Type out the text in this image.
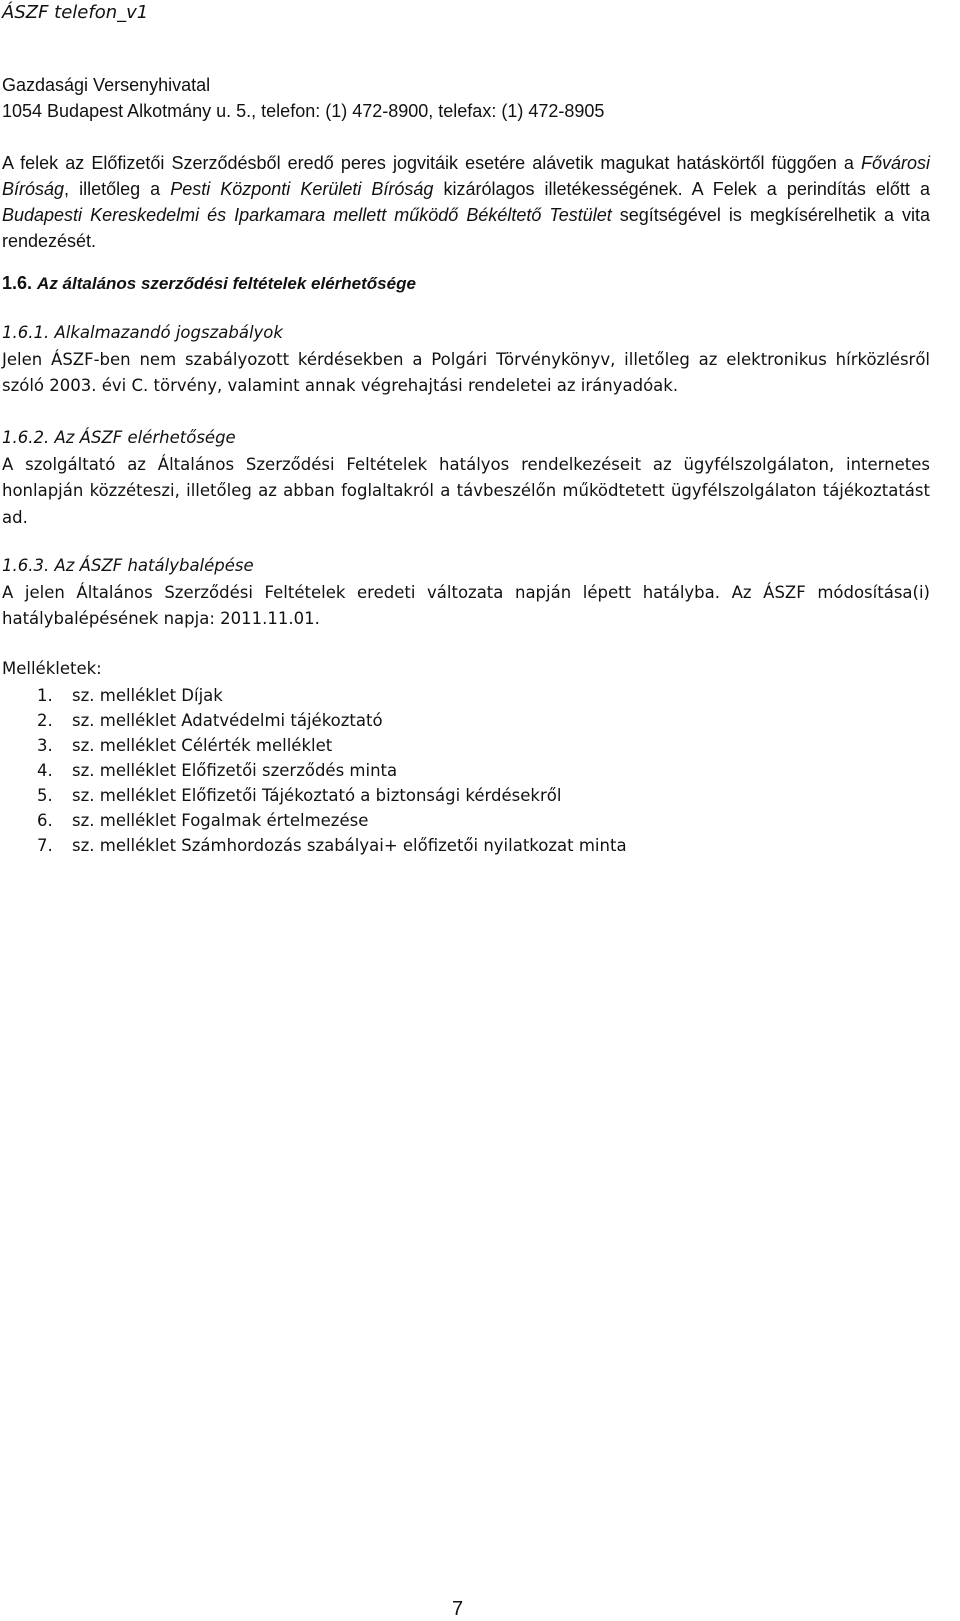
ÁSZF telefon_v1
Gazdasági Versenyhivatal
1054 Budapest Alkotmány u. 5., telefon: (1) 472-8900, telefax: (1) 472-8905
A felek az Előfizetői Szerződésből eredő peres jogvitáik esetére alávetik magukat hatáskörtől függően a Fővárosi Bíróság, illetőleg a Pesti Központi Kerületi Bíróság kizárólagos illetékességének. A Felek a perindítás előtt a Budapesti Kereskedelmi és Iparkamara mellett működő Békéltető Testület segítségével is megkísérelhetik a vita rendezését.
1.6. Az általános szerződési feltételek elérhetősége
1.6.1. Alkalmazandó jogszabályok
Jelen ÁSZF-ben nem szabályozott kérdésekben a Polgári Törvénykönyv, illetőleg az elektronikus hírközlésről szóló 2003. évi C. törvény, valamint annak végrehajtási rendeletei az irányadóak.
1.6.2. Az ÁSZF elérhetősége
A szolgáltató az Általános Szerződési Feltételek hatályos rendelkezéseit az ügyfélszolgálaton, internetes honlapján közzéteszi, illetőleg az abban foglaltakról a távbeszélőn működtetett ügyfélszolgálaton tájékoztatást ad.
1.6.3. Az ÁSZF hatálybalépése
A jelen Általános Szerződési Feltételek eredeti változata napján lépett hatályba. Az ÁSZF módosítása(i) hatálybalépésének napja: 2011.11.01.
Mellékletek:
1. sz. melléklet Díjak
2. sz. melléklet Adatvédelmi tájékoztató
3. sz. melléklet Célérték melléklet
4. sz. melléklet Előfizetői szerződés minta
5. sz. melléklet Előfizetői Tájékoztató a biztonsági kérdésekről
6. sz. melléklet Fogalmak értelmezése
7. sz. melléklet Számhordozás szabályai+ előfizetői nyilatkozat minta
7
